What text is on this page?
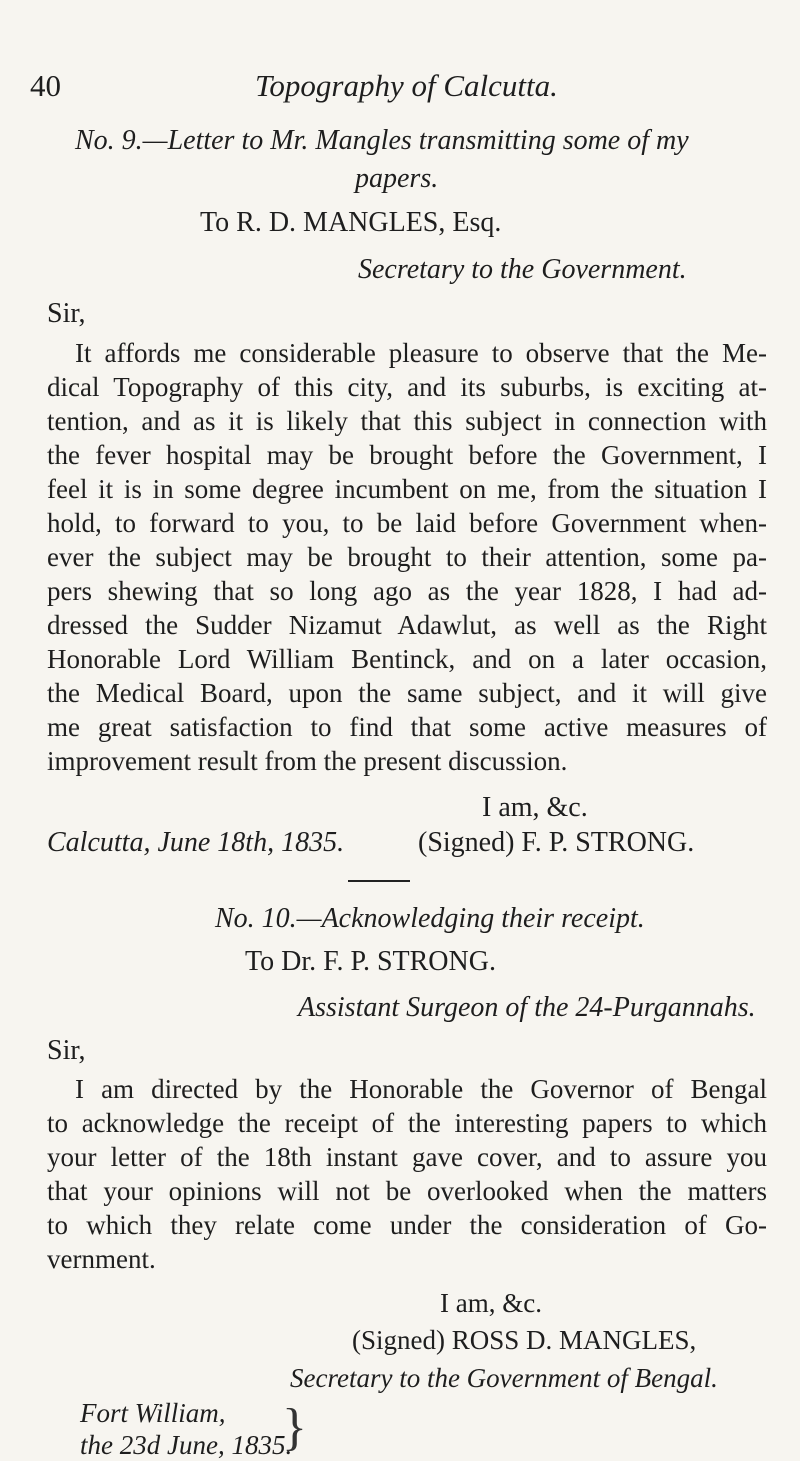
40	Topography of Calcutta.
No. 9.—Letter to Mr. Mangles transmitting some of my
papers.
To R. D. MANGLES, Esq.
Secretary to the Government.
Sir,
It affords me considerable pleasure to observe that the Me-
dical Topography of this city, and its suburbs, is exciting at-
tention, and as it is likely that this subject in connection with
the fever hospital may be brought before the Government, I
feel it is in some degree incumbent on me, from the situation I
hold, to forward to you, to be laid before Government when-
ever the subject may be brought to their attention, some pa-
pers shewing that so long ago as the year 1828, I had ad-
dressed the Sudder Nizamut Adawlut, as well as the Right
Honorable Lord William Bentinck, and on a later occasion,
the Medical Board, upon the same subject, and it will give
me great satisfaction to find that some active measures of
improvement result from the present discussion.
I am, &c.
Calcutta, June 18th, 1835.	(Signed) F. P. STRONG.
No. 10.—Acknowledging their receipt.
To Dr. F. P. STRONG.
Assistant Surgeon of the 24-Purgannahs.
Sir,
I am directed by the Honorable the Governor of Bengal
to acknowledge the receipt of the interesting papers to which
your letter of the 18th instant gave cover, and to assure you
that your opinions will not be overlooked when the matters
to which they relate come under the consideration of Go-
vernment.
I am, &c.
(Signed) ROSS D. MANGLES,
Secretary to the Government of Bengal.
Fort William,
the 23d June, 1835.
}
